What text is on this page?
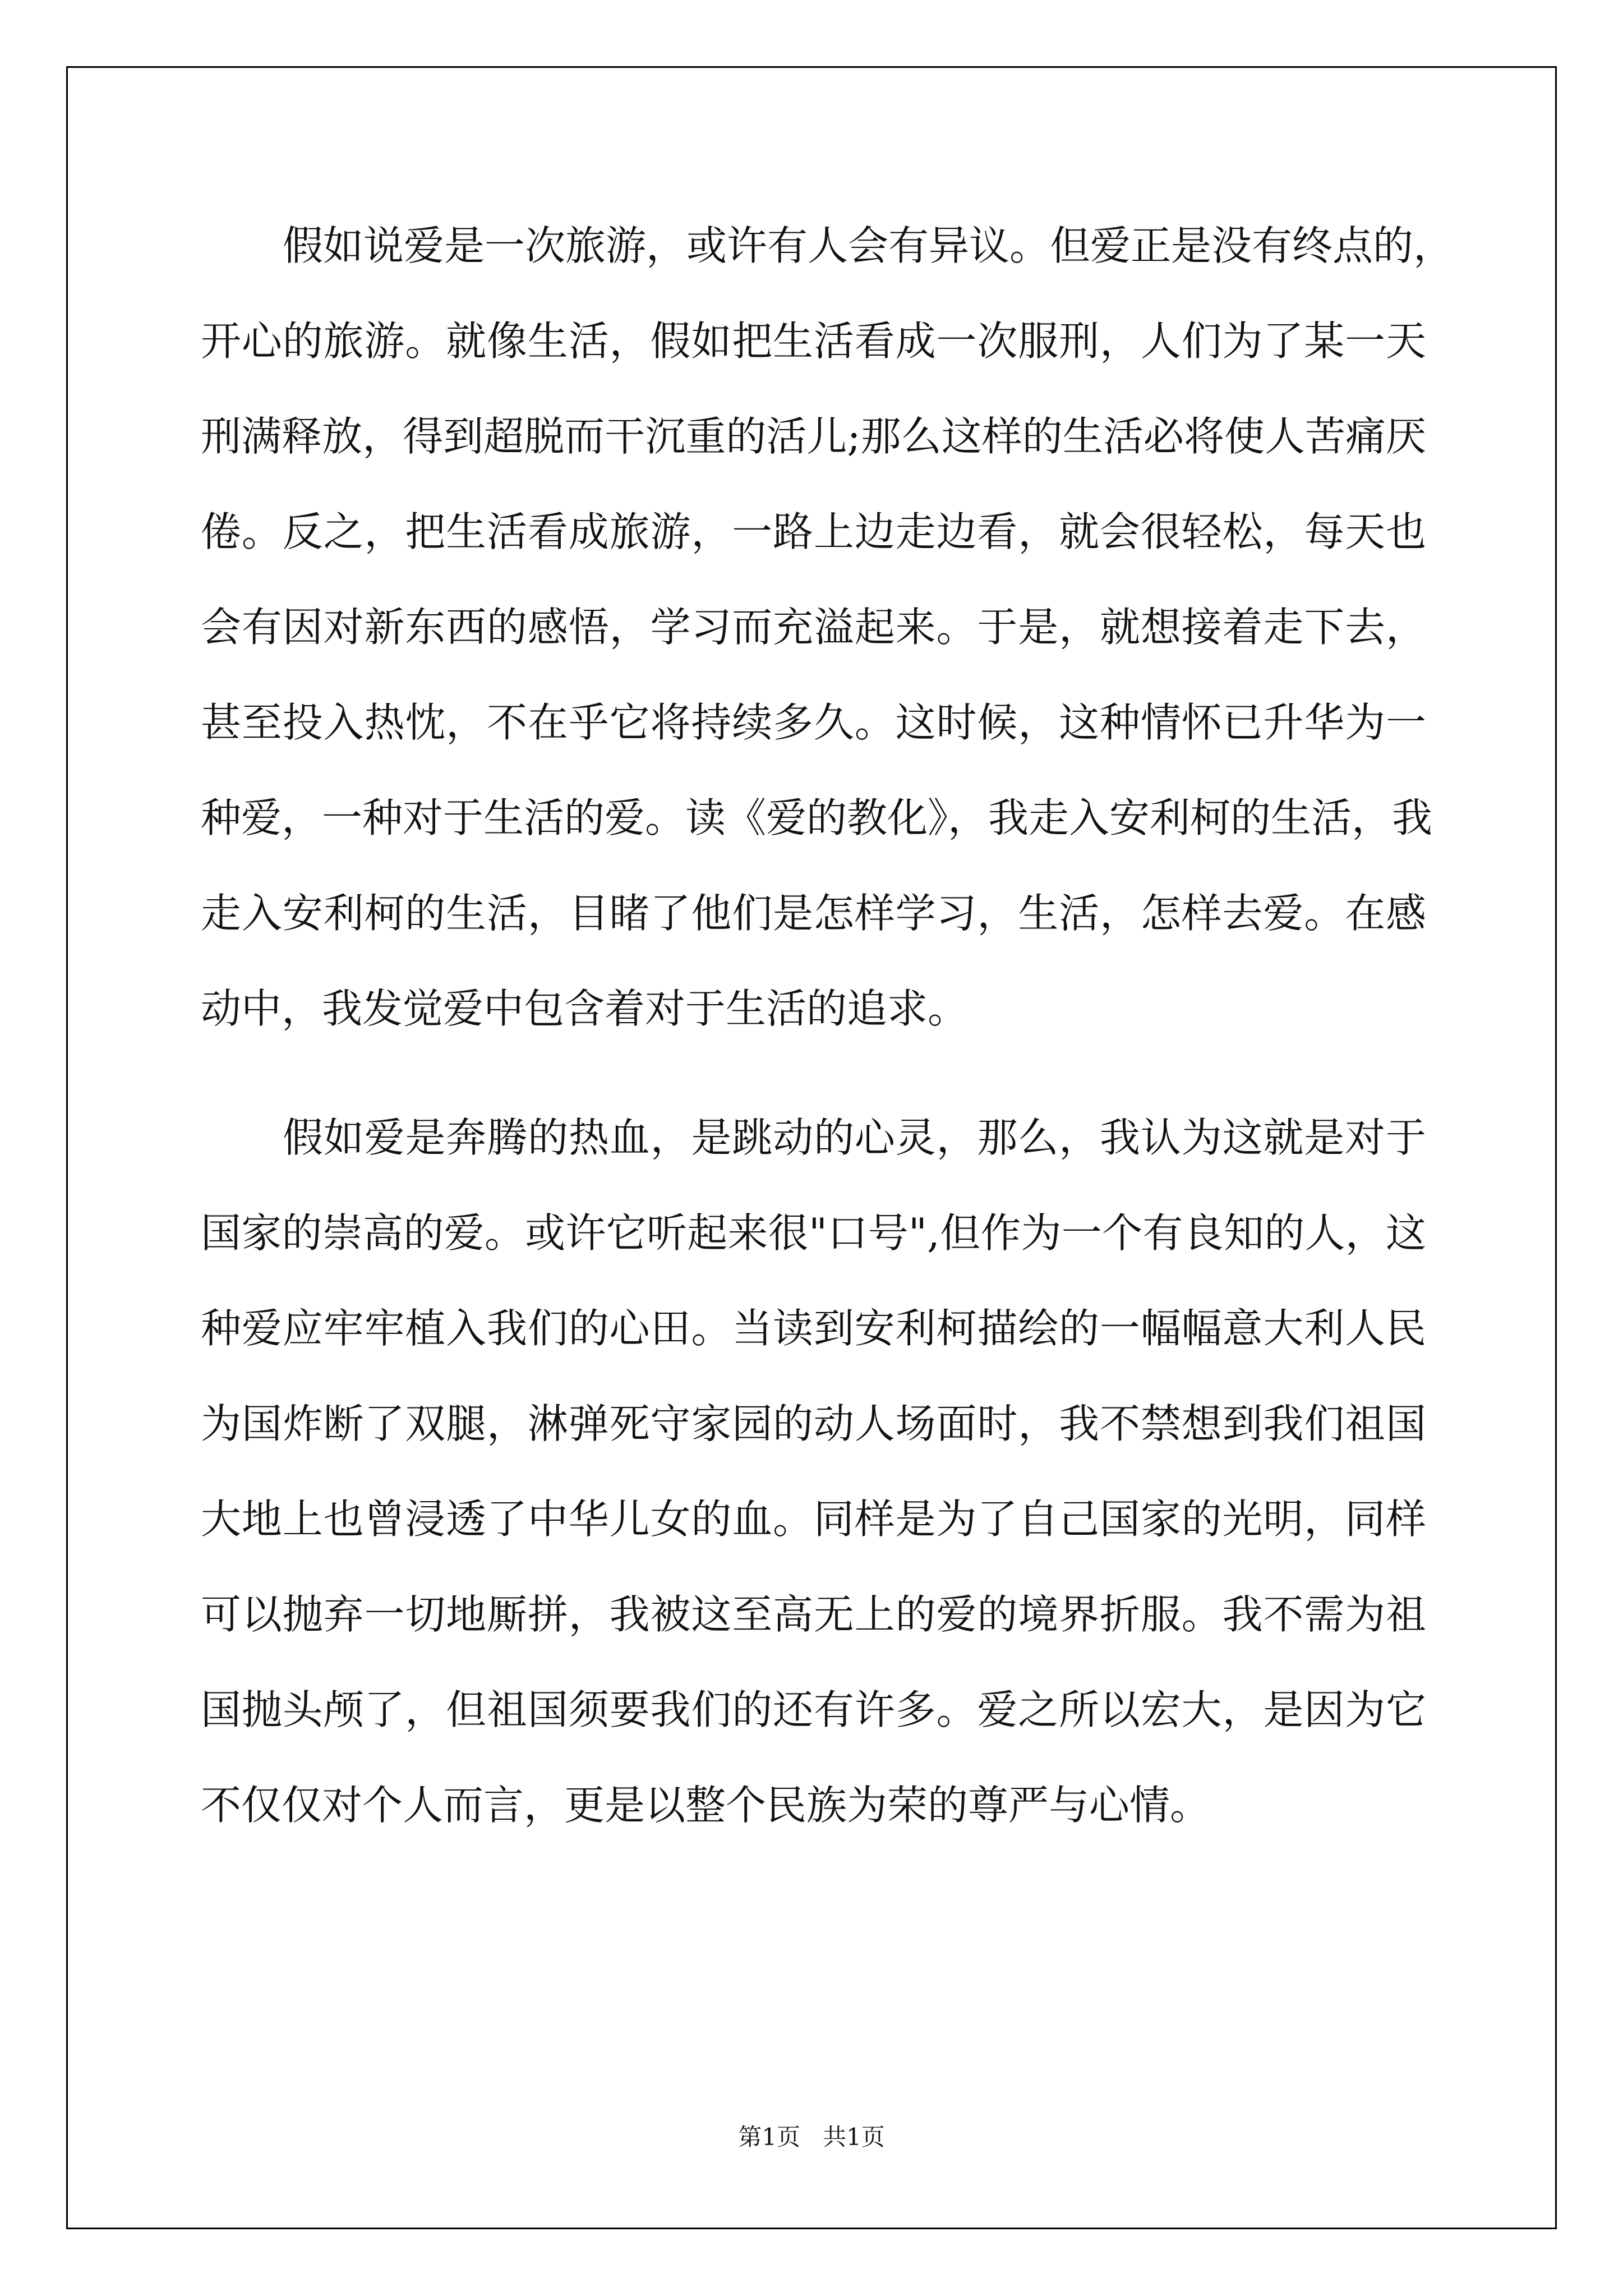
假如说爱是一次旅游，或许有人会有异议。但爱正是没有终点的，
开心的旅游。就像生活，假如把生活看成一次服刑，人们为了某一天
刑满释放，得到超脱而干沉重的活儿;那么这样的生活必将使人苦痛厌
倦。反之，把生活看成旅游，一路上边走边看，就会很轻松，每天也
会有因对新东西的感悟，学习而充溢起来。于是，就想接着走下去，
甚至投入热忱，不在乎它将持续多久。这时候，这种情怀已升华为一
种爱，一种对于生活的爱。读《爱的教化》，我走入安利柯的生活，我
走入安利柯的生活，目睹了他们是怎样学习，生活，怎样去爱。在感
动中，我发觉爱中包含着对于生活的追求。
假如爱是奔腾的热血，是跳动的心灵，那么，我认为这就是对于
国家的崇高的爱。或许它听起来很"口号",但作为一个有良知的人，这
种爱应牢牢植入我们的心田。当读到安利柯描绘的一幅幅意大利人民
为国炸断了双腿，淋弹死守家园的动人场面时，我不禁想到我们祖国
大地上也曾浸透了中华儿女的血。同样是为了自己国家的光明，同样
可以抛弃一切地厮拼，我被这至高无上的爱的境界折服。我不需为祖
国抛头颅了，但祖国须要我们的还有许多。爱之所以宏大，是因为它
不仅仅对个人而言，更是以整个民族为荣的尊严与心情。
第1页   共1页
